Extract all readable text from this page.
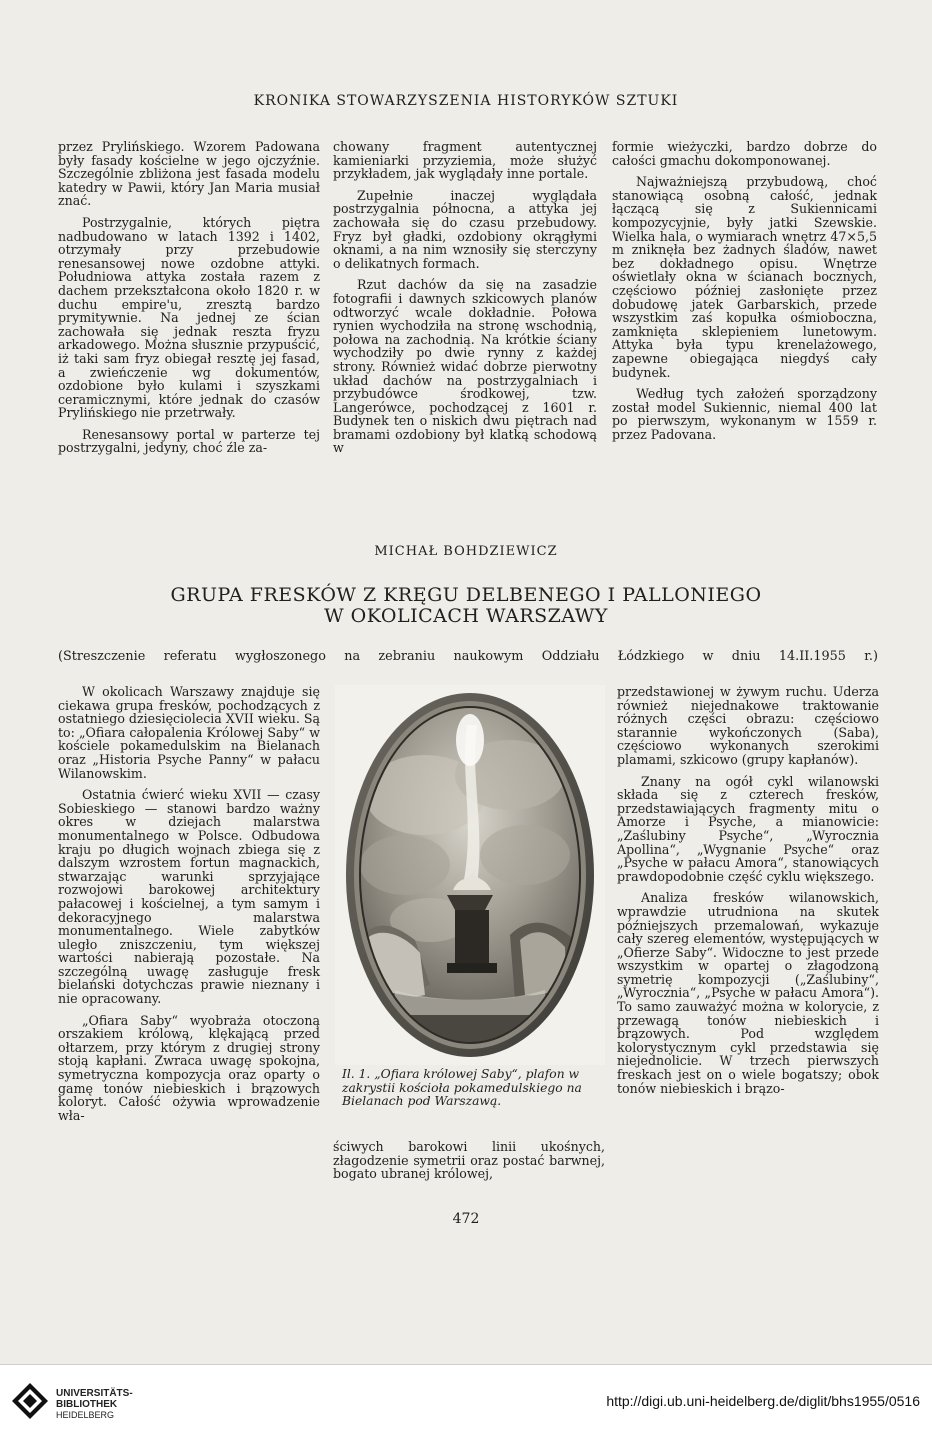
KRONIKA STOWARZYSZENIA HISTORYKÓW SZTUKI

przez Prylińskiego. Wzorem Padowana były fasady kościelne w jego ojczyźnie. Szczególnie zbliżona jest fasada modelu katedry w Pawii, który Jan Maria musiał znać.

Postrzygalnie, których piętra nadbudowano w latach 1392 i 1402, otrzymały przy przebudowie renesansowej nowe ozdobne attyki. Południowa attyka została razem z dachem przekształcona około 1820 r. w duchu empire'u, zresztą bardzo prymitywnie. Na jednej ze ścian zachowała się jednak reszta fryzu arkadowego. Można słusznie przypuścić, iż taki sam fryz obiegał resztę jej fasad, a zwieńczenie wg dokumentów, ozdobione było kulami i szyszkami ceramicznymi, które jednak do czasów Prylińskiego nie przetrwały.

Renesansowy portal w parterze tej postrzygalni, jedyny, choć źle za-

chowany fragment autentycznej kamieniarki przyziemia, może służyć przykładem, jak wyglądały inne portale.

Zupełnie inaczej wyglądała postrzygalnia północna, a attyka jej zachowała się do czasu przebudowy. Fryz był gładki, ozdobiony okrągłymi oknami, a na nim wznosiły się sterczyny o delikatnych formach.

Rzut dachów da się na zasadzie fotografii i dawnych szkicowych planów odtworzyć wcale dokładnie. Połowa rynien wychodziła na stronę wschodnią, połowa na zachodnią. Na krótkie ściany wychodziły po dwie rynny z każdej strony. Również widać dobrze pierwotny układ dachów na postrzygalniach i przybudówce środkowej, tzw. Langerówce, pochodzącej z 1601 r. Budynek ten o niskich dwu piętrach nad bramami ozdobiony był klatką schodową w

formie wieżyczki, bardzo dobrze do całości gmachu dokomponowanej.

Najważniejszą przybudową, choć stanowiącą osobną całość, jednak łączącą się z Sukiennicami kompozycyjnie, były jatki Szewskie. Wielka hala, o wymiarach wnętrz 47×5,5 m zniknęła bez żadnych śladów, nawet bez dokładnego opisu. Wnętrze oświetlały okna w ścianach bocznych, częściowo później zasłonięte przez dobudowę jatek Garbarskich, przede wszystkim zaś kopułka ośmioboczna, zamknięta sklepieniem lunetowym. Attyka była typu krenelażowego, zapewne obiegająca niegdyś cały budynek.

Według tych założeń sporządzony został model Sukiennic, niemal 400 lat po pierwszym, wykonanym w 1559 r. przez Padovana.

MICHAŁ BOHDZIEWICZ
GRUPA FRESKÓW Z KRĘGU DELBENEGO I PALLONIEGO
W OKOLICACH WARSZAWY
(Streszczenie referatu wygłoszonego na zebraniu naukowym Oddziału Łódzkiego w dniu 14.II.1955 r.)

W okolicach Warszawy znajduje się ciekawa grupa fresków, pochodzących z ostatniego dziesięciolecia XVII wieku. Są to: „Ofiara całopalenia Królowej Saby“ w kościele pokamedulskim na Bielanach oraz „Historia Psyche Panny“ w pałacu Wilanowskim.

Ostatnia ćwierć wieku XVII — czasy Sobieskiego — stanowi bardzo ważny okres w dziejach malarstwa monumentalnego w Polsce. Odbudowa kraju po długich wojnach zbiega się z dalszym wzrostem fortun magnackich, stwarzając warunki sprzyjające rozwojowi barokowej architektury pałacowej i kościelnej, a tym samym i dekoracyjnego malarstwa monumentalnego. Wiele zabytków uległo zniszczeniu, tym większej wartości nabierają pozostałe. Na szczególną uwagę zasługuje fresk bielański dotychczas prawie nieznany i nie opracowany.

„Ofiara Saby“ wyobraża otoczoną orszakiem królową, klękającą przed ołtarzem, przy którym z drugiej strony stoją kapłani. Zwraca uwagę spokojna, symetryczna kompozycja oraz oparty o gamę tonów niebieskich i brązowych koloryt. Całość ożywia wprowadzenie wła-

Il. 1. „Ofiara królowej Saby“, plafon w zakrystii kościoła pokamedulskiego na Bielanach pod Warszawą.

ściwych barokowi linii ukośnych, złagodzenie symetrii oraz postać barwnej, bogato ubranej królowej,

przedstawionej w żywym ruchu. Uderza również niejednakowe traktowanie różnych części obrazu: częściowo starannie wykończonych (Saba), częściowo wykonanych szerokimi plamami, szkicowo (grupy kapłanów).

Znany na ogół cykl wilanowski składa się z czterech fresków, przedstawiających fragmenty mitu o Amorze i Psyche, a mianowicie: „Zaślubiny Psyche“, „Wyrocznia Apollina“, „Wygnanie Psyche“ oraz „Psyche w pałacu Amora“, stanowiących prawdopodobnie część cyklu większego.

Analiza fresków wilanowskich, wprawdzie utrudniona na skutek późniejszych przemalowań, wykazuje cały szereg elementów, występujących w „Ofierze Saby“. Widoczne to jest przede wszystkim w opartej o złagodzoną symetrię kompozycji („Zaślubiny“, „Wyrocznia“, „Psyche w pałacu Amora“). To samo zauważyć można w kolorycie, z przewagą tonów niebieskich i brązowych. Pod względem kolorystycznym cykl przedstawia się niejednolicie. W trzech pierwszych freskach jest on o wiele bogatszy; obok tonów niebieskich i brązo-

472
UNIVERSITÄTS-
BIBLIOTHEK
HEIDELBERG
http://digi.ub.uni-heidelberg.de/diglit/bhs1955/0516
